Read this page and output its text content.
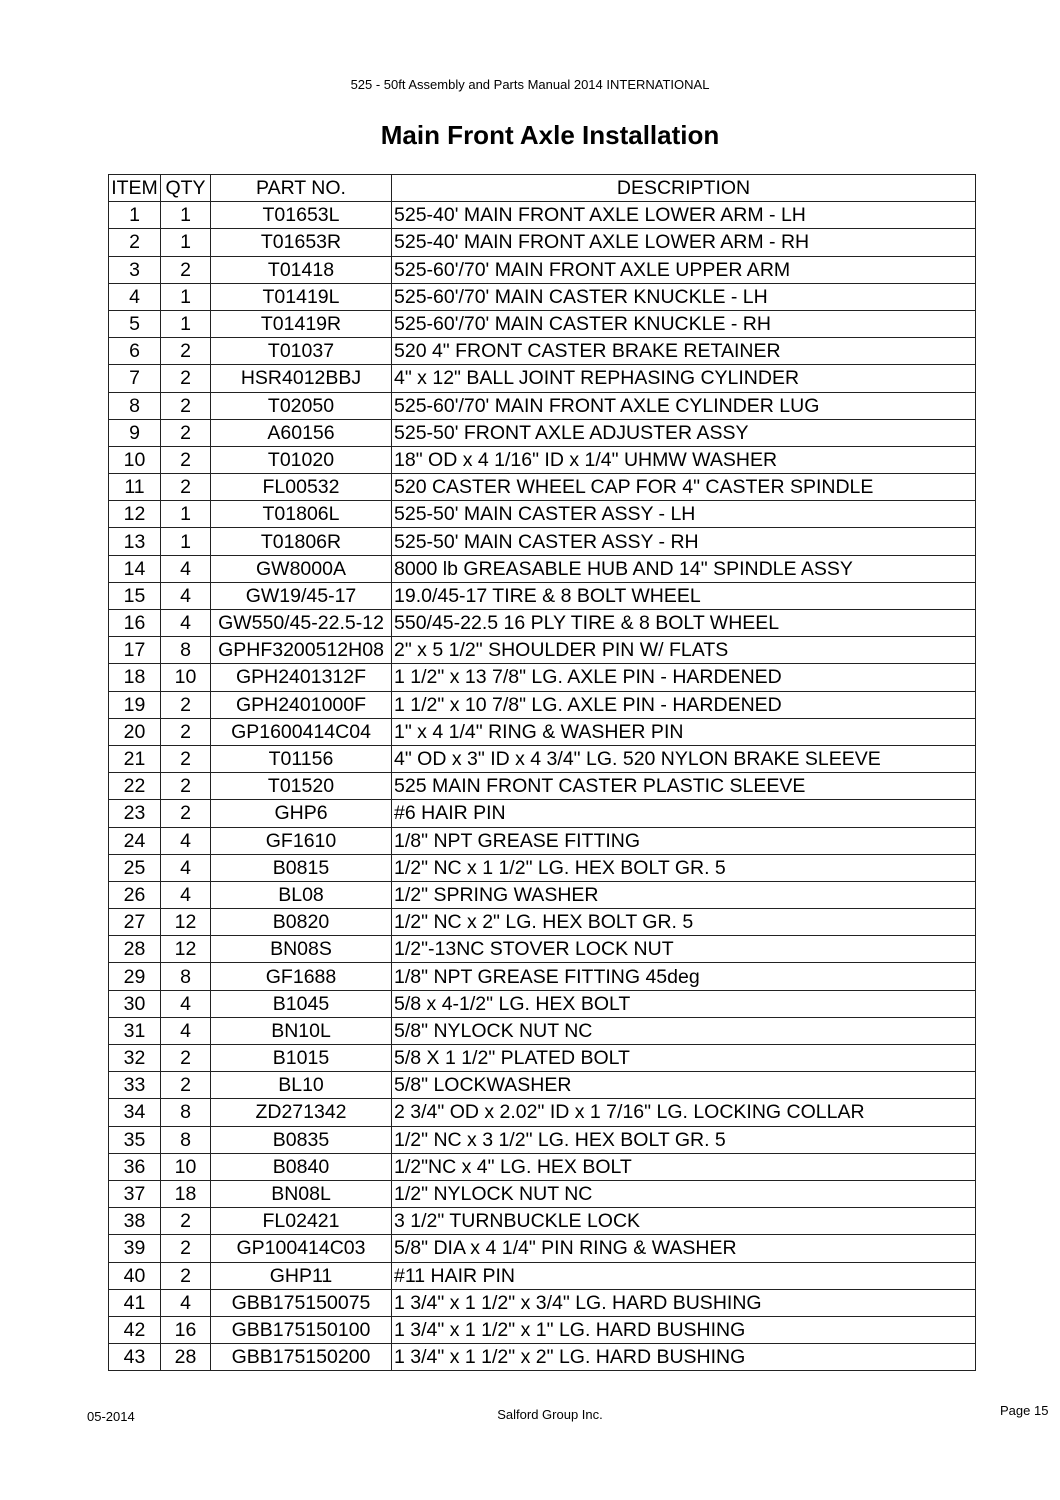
525 - 50ft Assembly and Parts Manual 2014 INTERNATIONAL
Main Front Axle Installation
ITEM	QTY	PART NO.	DESCRIPTION
1	1	T01653L	525-40' MAIN FRONT AXLE LOWER ARM - LH
2	1	T01653R	525-40' MAIN FRONT AXLE LOWER ARM - RH
3	2	T01418	525-60'/70' MAIN FRONT AXLE UPPER ARM
4	1	T01419L	525-60'/70' MAIN CASTER KNUCKLE - LH
5	1	T01419R	525-60'/70' MAIN CASTER KNUCKLE - RH
6	2	T01037	520 4" FRONT CASTER BRAKE RETAINER
7	2	HSR4012BBJ	4" x 12" BALL JOINT REPHASING CYLINDER
8	2	T02050	525-60'/70' MAIN FRONT AXLE CYLINDER LUG
9	2	A60156	525-50' FRONT AXLE ADJUSTER ASSY
10	2	T01020	18" OD x 4 1/16" ID x 1/4" UHMW WASHER
11	2	FL00532	520 CASTER WHEEL CAP FOR 4" CASTER SPINDLE
12	1	T01806L	525-50' MAIN CASTER ASSY - LH
13	1	T01806R	525-50' MAIN CASTER ASSY - RH
14	4	GW8000A	8000 lb GREASABLE HUB AND 14" SPINDLE ASSY
15	4	GW19/45-17	19.0/45-17 TIRE & 8 BOLT WHEEL
16	4	GW550/45-22.5-12	550/45-22.5 16 PLY TIRE & 8 BOLT WHEEL
17	8	GPHF3200512H08	2" x 5 1/2" SHOULDER PIN W/ FLATS
18	10	GPH2401312F	1 1/2" x 13 7/8" LG. AXLE PIN - HARDENED
19	2	GPH2401000F	1 1/2" x 10 7/8" LG. AXLE PIN - HARDENED
20	2	GP1600414C04	1" x 4 1/4" RING & WASHER PIN
21	2	T01156	4" OD x 3" ID x 4 3/4" LG. 520 NYLON BRAKE SLEEVE
22	2	T01520	525 MAIN FRONT CASTER PLASTIC SLEEVE
23	2	GHP6	#6 HAIR PIN
24	4	GF1610	1/8" NPT GREASE FITTING
25	4	B0815	1/2" NC x 1 1/2" LG. HEX BOLT GR. 5
26	4	BL08	1/2" SPRING WASHER
27	12	B0820	1/2" NC x 2" LG. HEX BOLT GR. 5
28	12	BN08S	1/2"-13NC STOVER LOCK NUT
29	8	GF1688	1/8" NPT GREASE FITTING 45deg
30	4	B1045	5/8 x 4-1/2" LG. HEX BOLT
31	4	BN10L	5/8" NYLOCK NUT NC
32	2	B1015	5/8 X 1 1/2" PLATED BOLT
33	2	BL10	5/8" LOCKWASHER
34	8	ZD271342	2 3/4" OD x 2.02" ID x 1 7/16" LG. LOCKING COLLAR
35	8	B0835	1/2" NC x 3 1/2" LG. HEX BOLT GR. 5
36	10	B0840	1/2"NC x 4" LG. HEX BOLT
37	18	BN08L	1/2" NYLOCK NUT NC
38	2	FL02421	3 1/2" TURNBUCKLE LOCK
39	2	GP100414C03	5/8" DIA x 4 1/4" PIN RING & WASHER
40	2	GHP11	#11 HAIR PIN
41	4	GBB175150075	1 3/4" x 1 1/2" x 3/4" LG. HARD BUSHING
42	16	GBB175150100	1 3/4" x 1 1/2" x 1" LG. HARD BUSHING
43	28	GBB175150200	1 3/4" x 1 1/2" x 2" LG. HARD BUSHING
05-2014	Salford Group Inc.	Page 15
